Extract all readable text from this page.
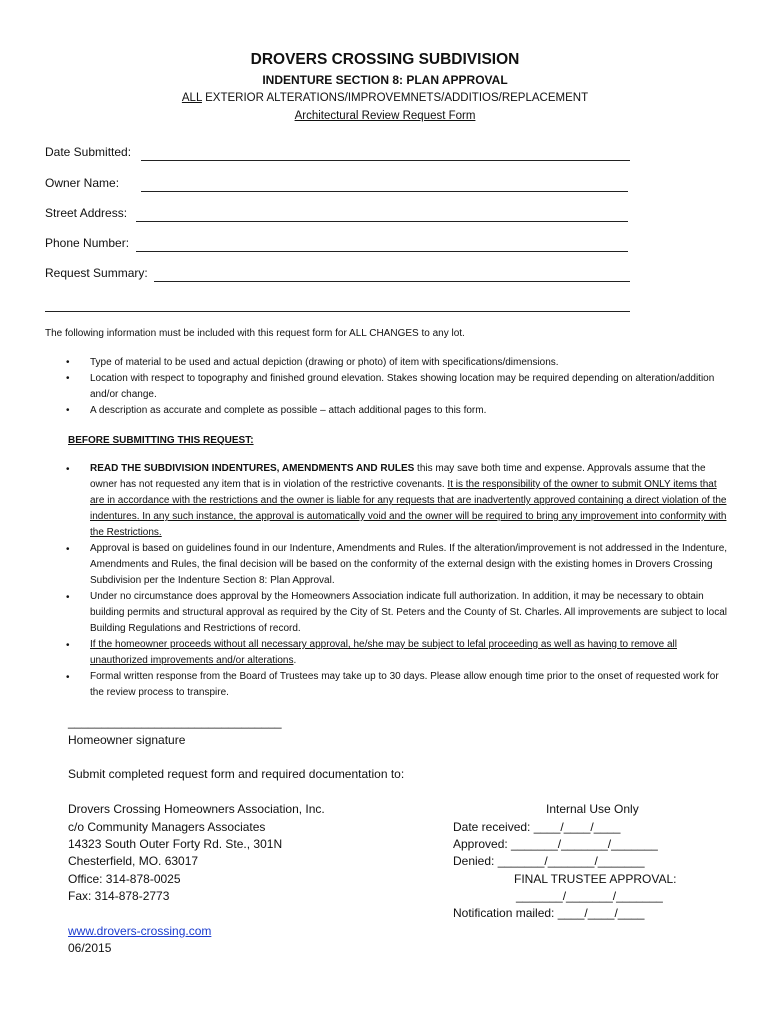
DROVERS CROSSING SUBDIVISION
INDENTURE SECTION 8: PLAN APPROVAL
ALL EXTERIOR ALTERATIONS/IMPROVEMNETS/ADDITIOS/REPLACEMENT
Architectural Review Request Form
Date Submitted:
Owner Name:
Street Address:
Phone Number:
Request Summary:
The following information must be included with this request form for ALL CHANGES to any lot.
• Type of material to be used and actual depiction (drawing or photo) of item with specifications/dimensions.
• Location with respect to topography and finished ground elevation. Stakes showing location may be required depending on alteration/addition and/or change.
• A description as accurate and complete as possible – attach additional pages to this form.
BEFORE SUBMITTING THIS REQUEST:
• READ THE SUBDIVISION INDENTURES, AMENDMENTS AND RULES this may save both time and expense. Approvals assume that the owner has not requested any item that is in violation of the restrictive covenants. It is the responsibility of the owner to submit ONLY items that are in accordance with the restrictions and the owner is liable for any requests that are inadvertently approved containing a direct violation of the indentures. In any such instance, the approval is automatically void and the owner will be required to bring any improvement into conformity with the Restrictions.
• Approval is based on guidelines found in our Indenture, Amendments and Rules. If the alteration/improvement is not addressed in the Indenture, Amendments and Rules, the final decision will be based on the conformity of the external design with the existing homes in Drovers Crossing Subdivision per the Indenture Section 8: Plan Approval.
• Under no circumstance does approval by the Homeowners Association indicate full authorization. In addition, it may be necessary to obtain building permits and structural approval as required by the City of St. Peters and the County of St. Charles. All improvements are subject to local Building Regulations and Restrictions of record.
• If the homeowner proceeds without all necessary approval, he/she may be subject to lefal proceeding as well as having to remove all unauthorized improvements and/or alterations.
• Formal written response from the Board of Trustees may take up to 30 days. Please allow enough time prior to the onset of requested work for the review process to transpire.
________________________________
Homeowner signature
Submit completed request form and required documentation to:
Drovers Crossing Homeowners Association, Inc.
c/o Community Managers Associates
14323 South Outer Forty Rd. Ste., 301N
Chesterfield, MO. 63017
Office: 314-878-0025
Fax: 314-878-2773
Internal Use Only
Date received: ____/____/____
Approved: _______/_______/_______
Denied: _______/_______/_______
FINAL TRUSTEE APPROVAL:
_______/_______/_______
Notification mailed: ____/____/____
www.drovers-crossing.com
06/2015
